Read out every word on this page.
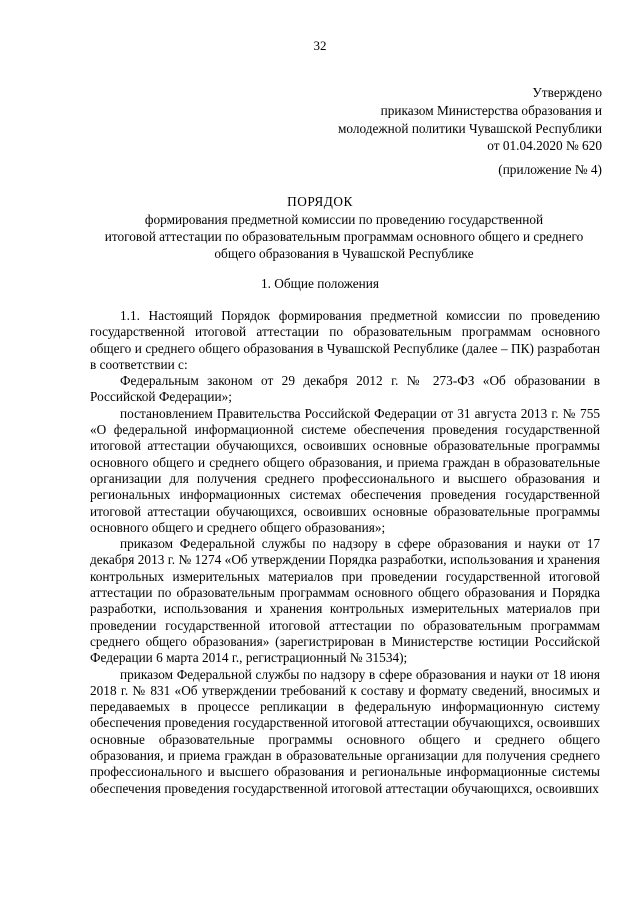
32
Утверждено
приказом Министерства образования и
молодежной политики Чувашской Республики
от 01.04.2020 № 620
(приложение № 4)
ПОРЯДОК
формирования предметной комиссии по проведению государственной
итоговой аттестации по образовательным программам основного общего и среднего
общего образования в Чувашской Республике
1. Общие положения

1.1. Настоящий Порядок формирования предметной комиссии по проведению государственной итоговой аттестации по образовательным программам основного общего и среднего общего образования в Чувашской Республике (далее – ПК) разработан в соответствии с:

Федеральным законом от 29 декабря 2012 г. № 273-ФЗ «Об образовании в Российской Федерации»;

постановлением Правительства Российской Федерации от 31 августа 2013 г. № 755 «О федеральной информационной системе обеспечения проведения государственной итоговой аттестации обучающихся, освоивших основные образовательные программы основного общего и среднего общего образования, и приема граждан в образовательные организации для получения среднего профессионального и высшего образования и региональных информационных системах обеспечения проведения государственной итоговой аттестации обучающихся, освоивших основные образовательные программы основного общего и среднего общего образования»;

приказом Федеральной службы по надзору в сфере образования и науки от 17 декабря 2013 г. № 1274 «Об утверждении Порядка разработки, использования и хранения контрольных измерительных материалов при проведении государственной итоговой аттестации по образовательным программам основного общего образования и Порядка разработки, использования и хранения контрольных измерительных материалов при проведении государственной итоговой аттестации по образовательным программам среднего общего образования» (зарегистрирован в Министерстве юстиции Российской Федерации 6 марта 2014 г., регистрационный № 31534);

приказом Федеральной службы по надзору в сфере образования и науки от 18 июня 2018 г. № 831 «Об утверждении требований к составу и формату сведений, вносимых и передаваемых в процессе репликации в федеральную информационную систему обеспечения проведения государственной итоговой аттестации обучающихся, освоивших основные образовательные программы основного общего и среднего общего образования, и приема граждан в образовательные организации для получения среднего профессионального и высшего образования и региональные информационные системы обеспечения проведения государственной итоговой аттестации обучающихся, освоивших
